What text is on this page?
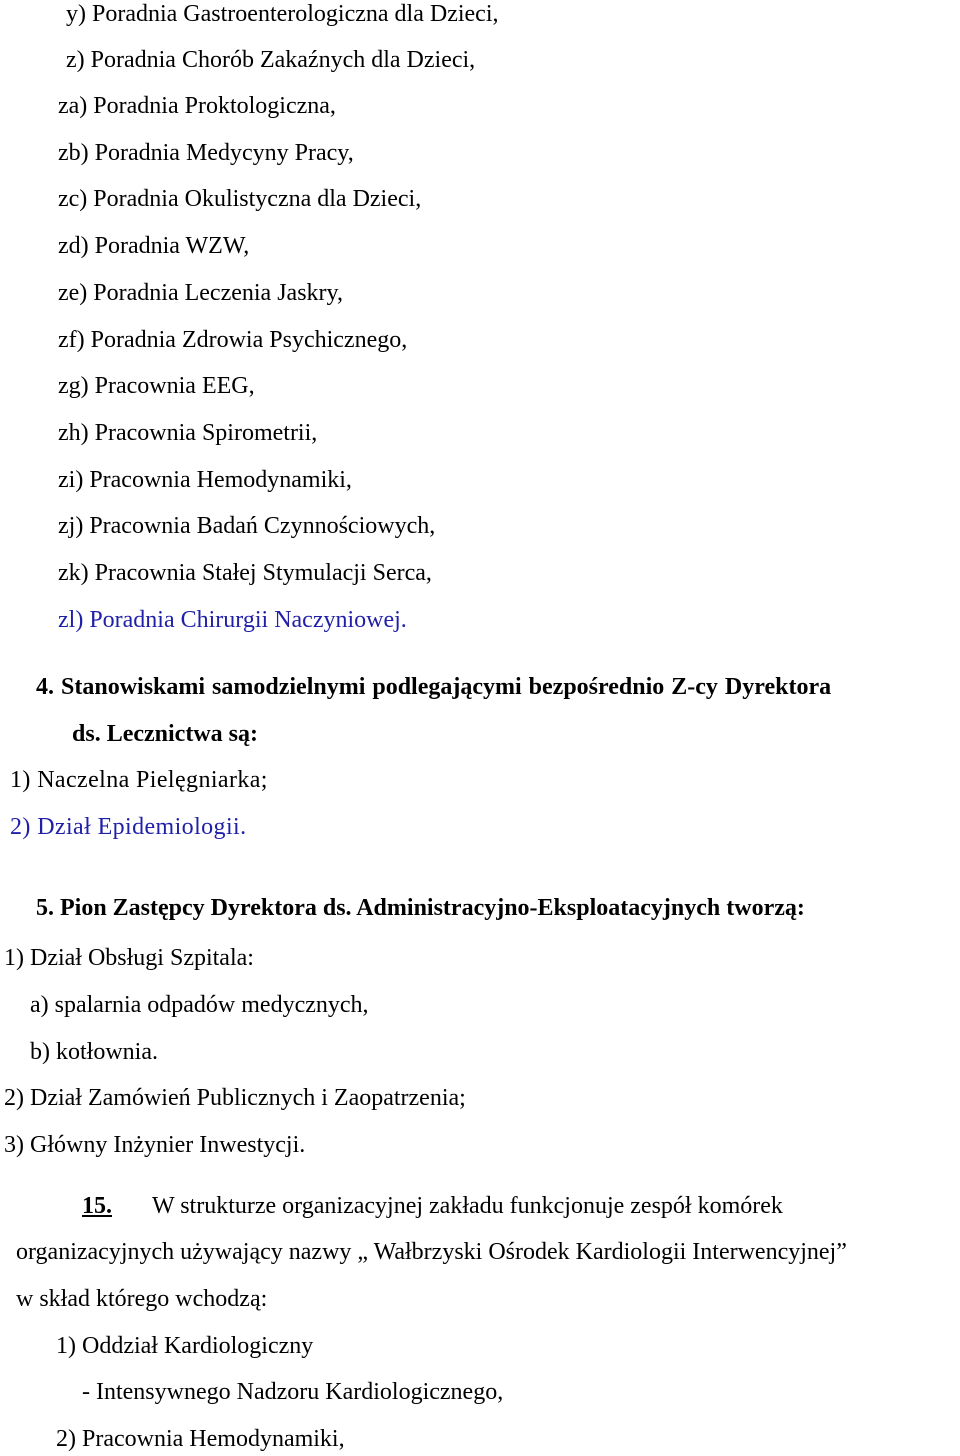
y) Poradnia Gastroenterologiczna dla Dzieci,
z) Poradnia Chorób Zakaźnych dla Dzieci,
za) Poradnia Proktologiczna,
zb) Poradnia Medycyny Pracy,
zc) Poradnia Okulistyczna dla Dzieci,
zd) Poradnia WZW,
ze) Poradnia Leczenia Jaskry,
zf) Poradnia Zdrowia Psychicznego,
zg) Pracownia EEG,
zh) Pracownia Spirometrii,
zi) Pracownia Hemodynamiki,
zj) Pracownia Badań Czynnościowych,
zk) Pracownia Stałej Stymulacji Serca,
zl) Poradnia Chirurgii Naczyniowej.
4. Stanowiskami samodzielnymi podlegającymi bezpośrednio Z-cy Dyrektora
ds. Lecznictwa są:
1) Naczelna Pielęgniarka;
2) Dział Epidemiologii.
5. Pion Zastępcy Dyrektora ds. Administracyjno-Eksploatacyjnych tworzą:
1) Dział Obsługi Szpitala:
a) spalarnia odpadów medycznych,
b) kotłownia.
2) Dział Zamówień Publicznych i Zaopatrzenia;
3) Główny Inżynier Inwestycji.
15. W strukturze organizacyjnej zakładu funkcjonuje zespół komórek
organizacyjnych używający nazwy „ Wałbrzyski Ośrodek Kardiologii Interwencyjnej”
w skład którego wchodzą:
1) Oddział Kardiologiczny
- Intensywnego Nadzoru Kardiologicznego,
2) Pracownia Hemodynamiki,
